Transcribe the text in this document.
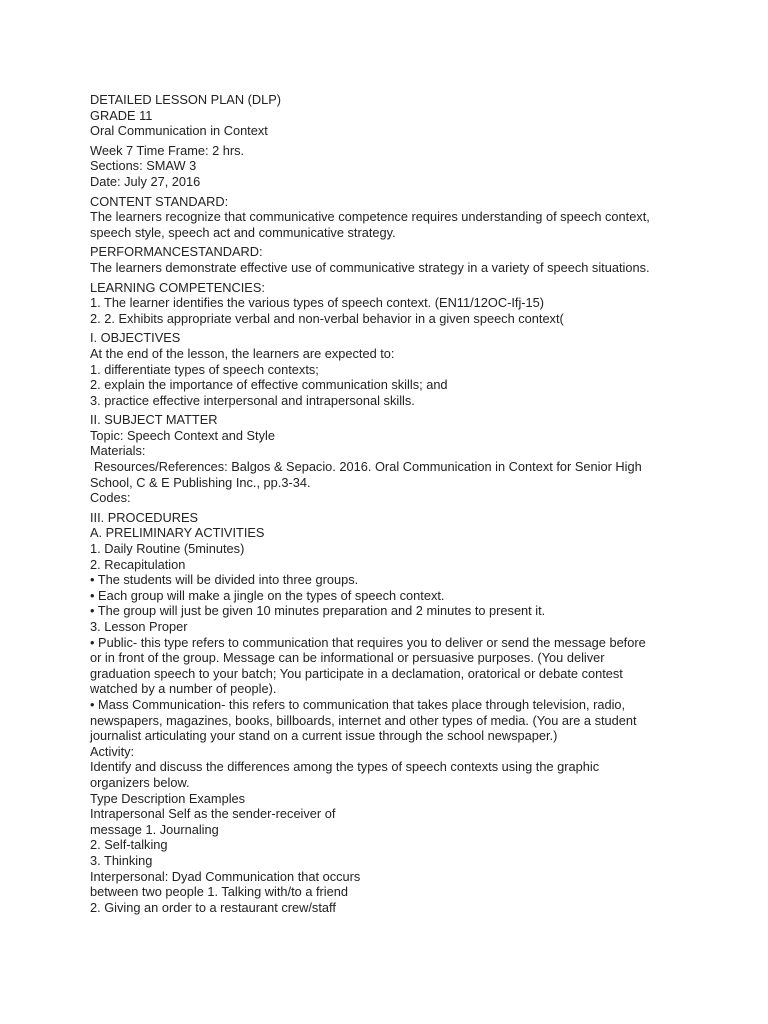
DETAILED LESSON PLAN (DLP)
GRADE 11
Oral Communication in Context
Week 7 Time Frame: 2 hrs.
Sections: SMAW 3
Date: July 27, 2016
CONTENT STANDARD:
The learners recognize that communicative competence requires understanding of speech context,
speech style, speech act and communicative strategy.
PERFORMANCESTANDARD:
The learners demonstrate effective use of communicative strategy in a variety of speech situations.
LEARNING COMPETENCIES:
1. The learner identifies the various types of speech context. (EN11/12OC-Ifj-15)
2. 2. Exhibits appropriate verbal and non-verbal behavior in a given speech context(
I. OBJECTIVES
At the end of the lesson, the learners are expected to:
1. differentiate types of speech contexts;
2. explain the importance of effective communication skills; and
3. practice effective interpersonal and intrapersonal skills.
II. SUBJECT MATTER
Topic: Speech Context and Style
Materials:
Resources/References: Balgos & Sepacio. 2016. Oral Communication in Context for Senior High
School, C & E Publishing Inc., pp.3-34.
Codes:
III. PROCEDURES
A. PRELIMINARY ACTIVITIES
1. Daily Routine (5minutes)
2. Recapitulation
• The students will be divided into three groups.
• Each group will make a jingle on the types of speech context.
• The group will just be given 10 minutes preparation and 2 minutes to present it.
3. Lesson Proper
• Public- this type refers to communication that requires you to deliver or send the message before
or in front of the group. Message can be informational or persuasive purposes. (You deliver
graduation speech to your batch; You participate in a declamation, oratorical or debate contest
watched by a number of people).
• Mass Communication- this refers to communication that takes place through television, radio,
newspapers, magazines, books, billboards, internet and other types of media. (You are a student
journalist articulating your stand on a current issue through the school newspaper.)
Activity:
Identify and discuss the differences among the types of speech contexts using the graphic
organizers below.
Type Description Examples
Intrapersonal Self as the sender-receiver of
message 1. Journaling
2. Self-talking
3. Thinking
Interpersonal: Dyad Communication that occurs
between two people 1. Talking with/to a friend
2. Giving an order to a restaurant crew/staff
